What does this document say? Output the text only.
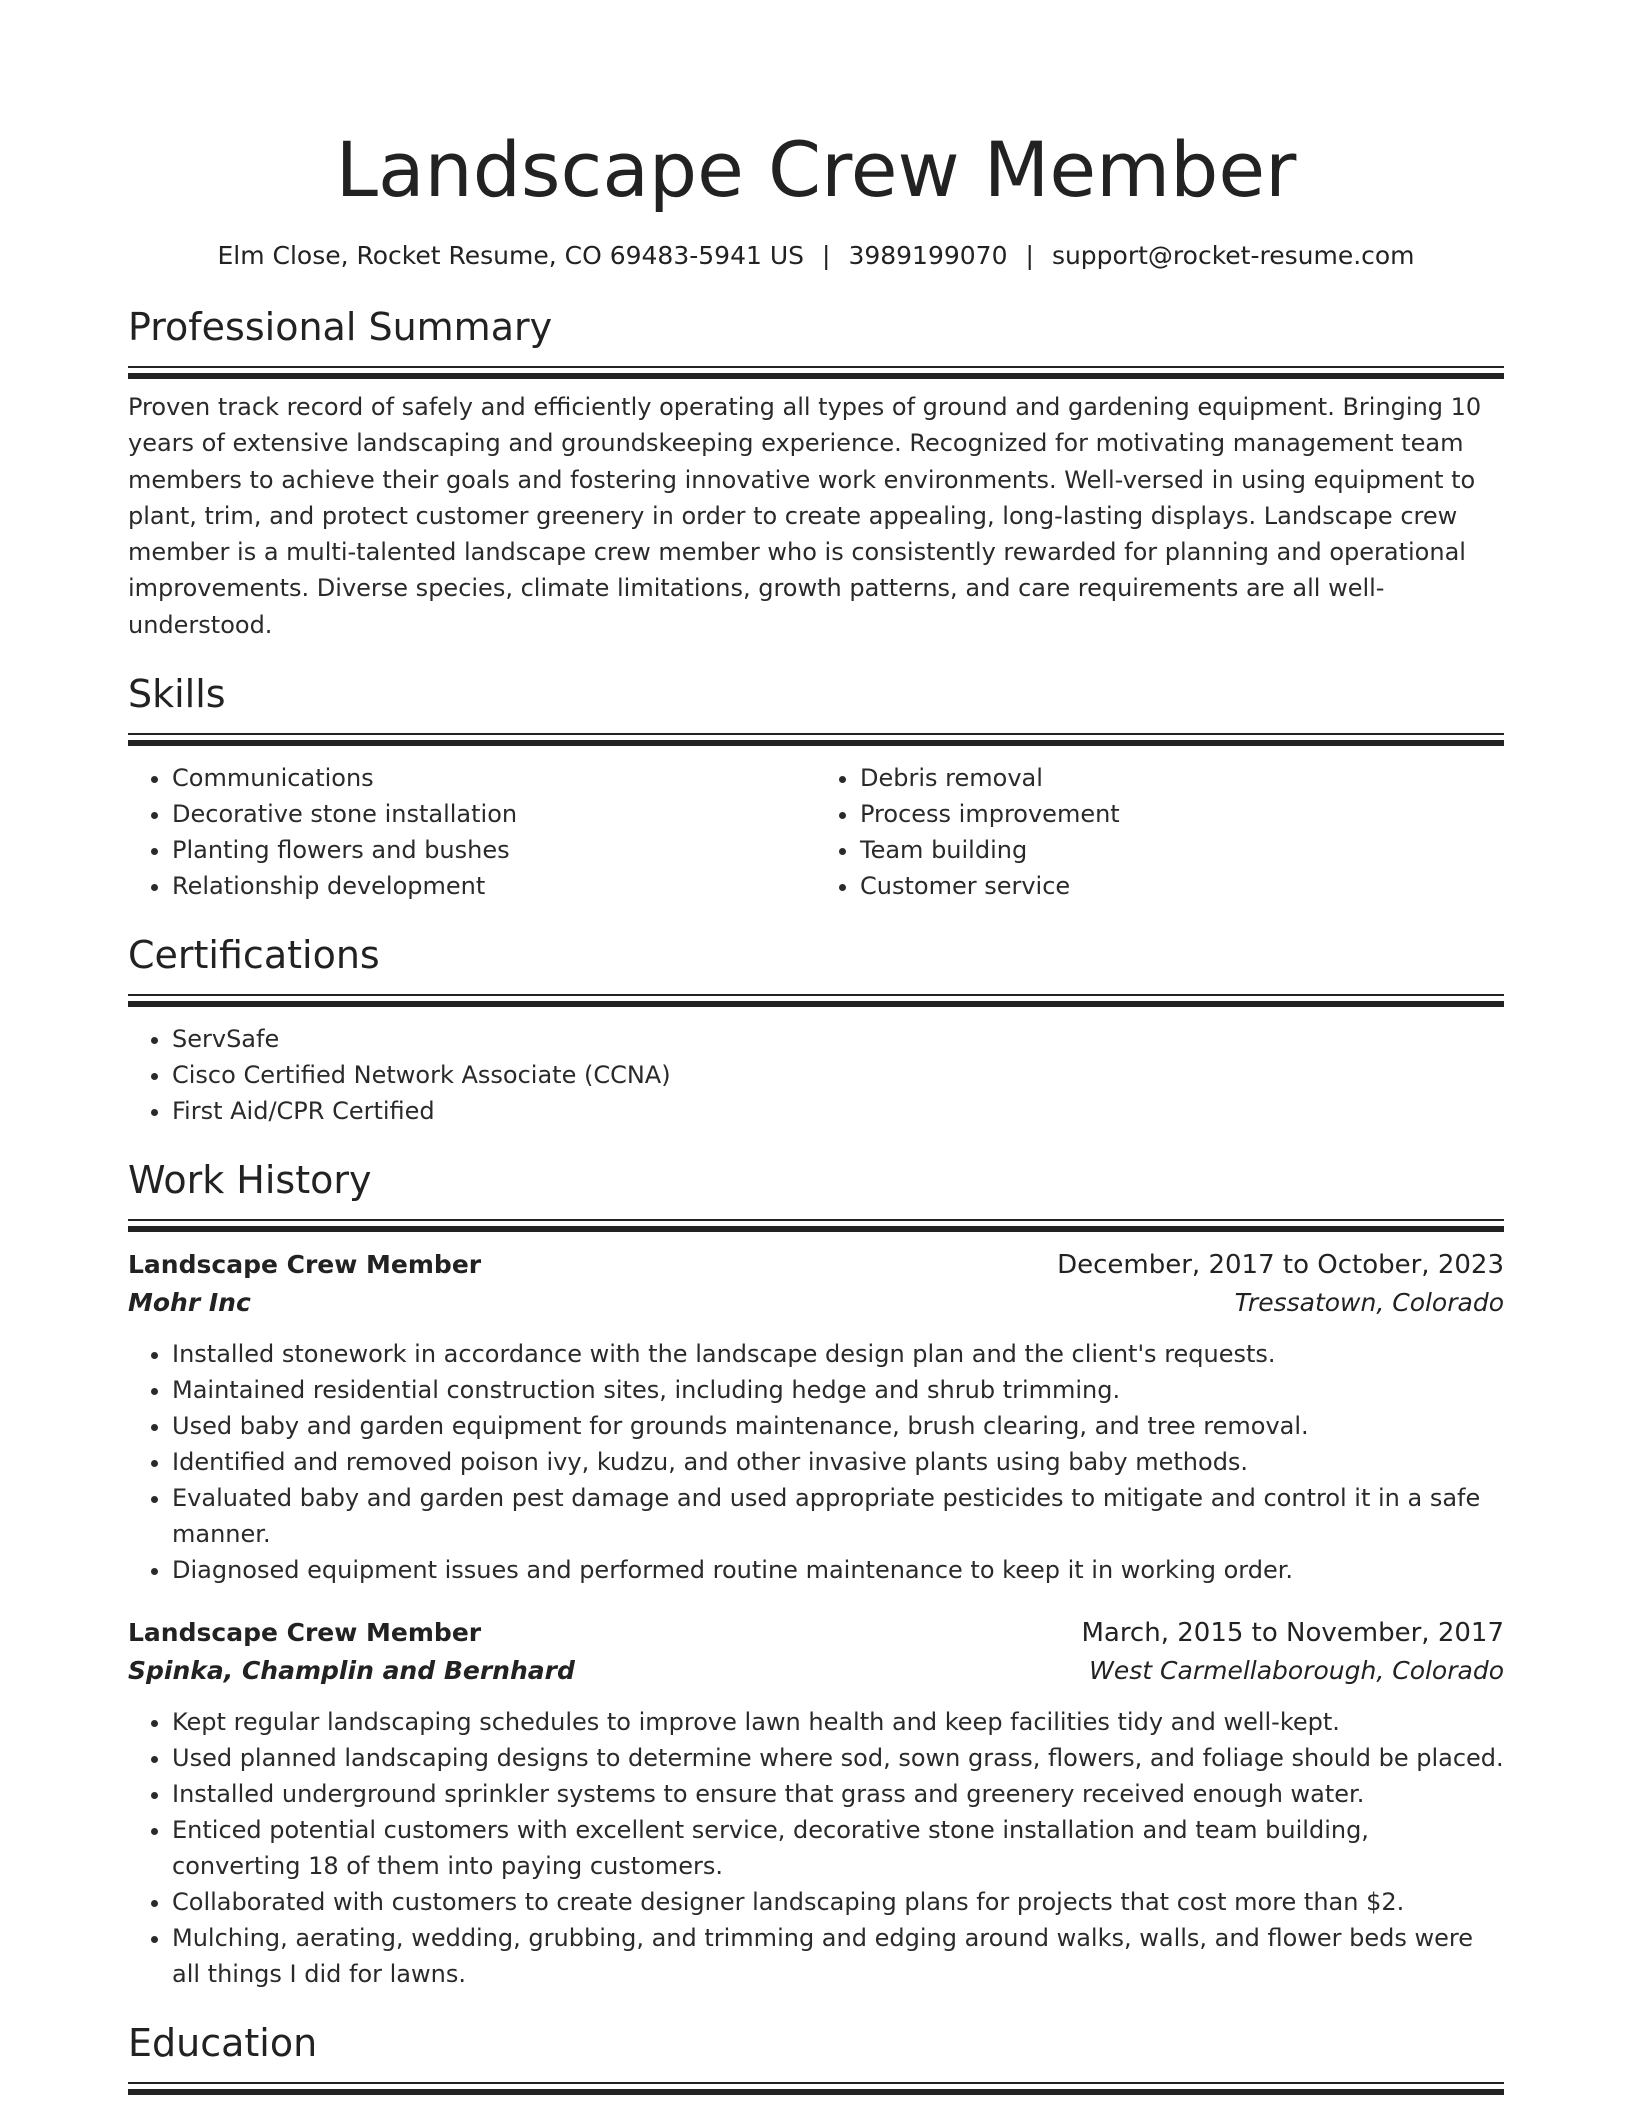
Landscape Crew Member
Elm Close, Rocket Resume, CO 69483-5941 US | 3989199070 | support@rocket-resume.com
Professional Summary

Proven track record of safely and efficiently operating all types of ground and gardening equipment. Bringing 10 years of extensive landscaping and groundskeeping experience. Recognized for motivating management team members to achieve their goals and fostering innovative work environments. Well-versed in using equipment to plant, trim, and protect customer greenery in order to create appealing, long-lasting displays. Landscape crew member is a multi-talented landscape crew member who is consistently rewarded for planning and operational improvements. Diverse species, climate limitations, growth patterns, and care requirements are all well-understood.

Skills
• Communications
• Decorative stone installation
• Planting flowers and bushes
• Relationship development
• Debris removal
• Process improvement
• Team building
• Customer service
Certifications
• ServSafe
• Cisco Certified Network Associate (CCNA)
• First Aid/CPR Certified
Work History
Landscape Crew Member	December, 2017 to October, 2023
Mohr Inc	Tressatown, Colorado
• Installed stonework in accordance with the landscape design plan and the client's requests.
• Maintained residential construction sites, including hedge and shrub trimming.
• Used baby and garden equipment for grounds maintenance, brush clearing, and tree removal.
• Identified and removed poison ivy, kudzu, and other invasive plants using baby methods.
• Evaluated baby and garden pest damage and used appropriate pesticides to mitigate and control it in a safe manner.
• Diagnosed equipment issues and performed routine maintenance to keep it in working order.
Landscape Crew Member	March, 2015 to November, 2017
Spinka, Champlin and Bernhard	West Carmellaborough, Colorado
• Kept regular landscaping schedules to improve lawn health and keep facilities tidy and well-kept.
• Used planned landscaping designs to determine where sod, sown grass, flowers, and foliage should be placed.
• Installed underground sprinkler systems to ensure that grass and greenery received enough water.
• Enticed potential customers with excellent service, decorative stone installation and team building, converting 18 of them into paying customers.
• Collaborated with customers to create designer landscaping plans for projects that cost more than $2.
• Mulching, aerating, wedding, grubbing, and trimming and edging around walks, walls, and flower beds were all things I did for lawns.
Education
